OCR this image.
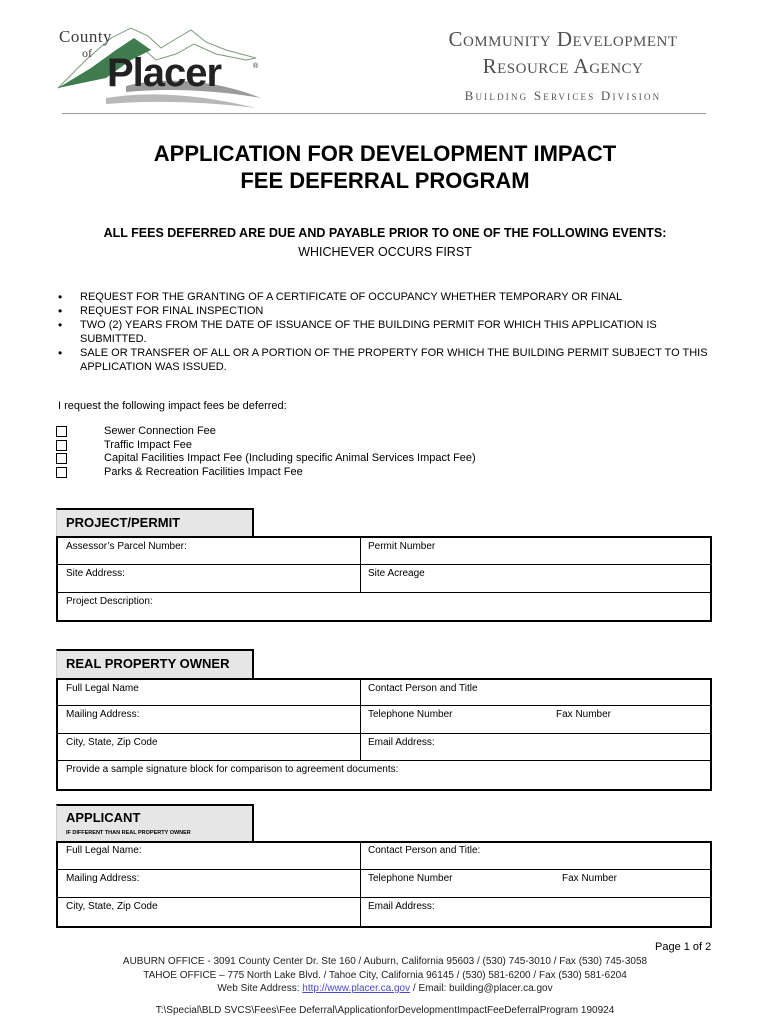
County
of Placer	®
Community Development
Resource Agency
Building Services Division
APPLICATION FOR DEVELOPMENT IMPACT
FEE DEFERRAL PROGRAM
ALL FEES DEFERRED ARE DUE AND PAYABLE PRIOR TO ONE OF THE FOLLOWING EVENTS:
WHICHEVER OCCURS FIRST
• REQUEST FOR THE GRANTING OF A CERTIFICATE OF OCCUPANCY WHETHER TEMPORARY OR FINAL
• REQUEST FOR FINAL INSPECTION
• TWO (2) YEARS FROM THE DATE OF ISSUANCE OF THE BUILDING PERMIT FOR WHICH THIS APPLICATION IS SUBMITTED.
• SALE OR TRANSFER OF ALL OR A PORTION OF THE PROPERTY FOR WHICH THE BUILDING PERMIT SUBJECT TO THIS APPLICATION WAS ISSUED.
I request the following impact fees be deferred:
Sewer Connection Fee
Traffic Impact Fee
Capital Facilities Impact Fee (Including specific Animal Services Impact Fee)
Parks & Recreation Facilities Impact Fee
PROJECT/PERMIT
Assessor’s Parcel Number:	Permit Number
Site Address:	Site Acreage
Project Description:
REAL PROPERTY OWNER
Full Legal Name	Contact Person and Title
Mailing Address:	Telephone Number	Fax Number
City, State, Zip Code	Email Address:
Provide a sample signature block for comparison to agreement documents:
APPLICANT
IF DIFFERENT THAN REAL PROPERTY OWNER
Full Legal Name:	Contact Person and Title:
Mailing Address:	Telephone Number	Fax Number
City, State, Zip Code	Email Address:
Page 1 of 2
AUBURN OFFICE - 3091 County Center Dr. Ste 160 / Auburn, California 95603 / (530) 745-3010 / Fax (530) 745-3058
TAHOE OFFICE – 775 North Lake Blvd. / Tahoe City, California 96145 / (530) 581-6200 / Fax (530) 581-6204
Web Site Address: http://www.placer.ca.gov / Email: building@placer.ca.gov
T:\Special\BLD SVCS\Fees\Fee Deferral\ApplicationforDevelopmentImpactFeeDeferralProgram 190924
